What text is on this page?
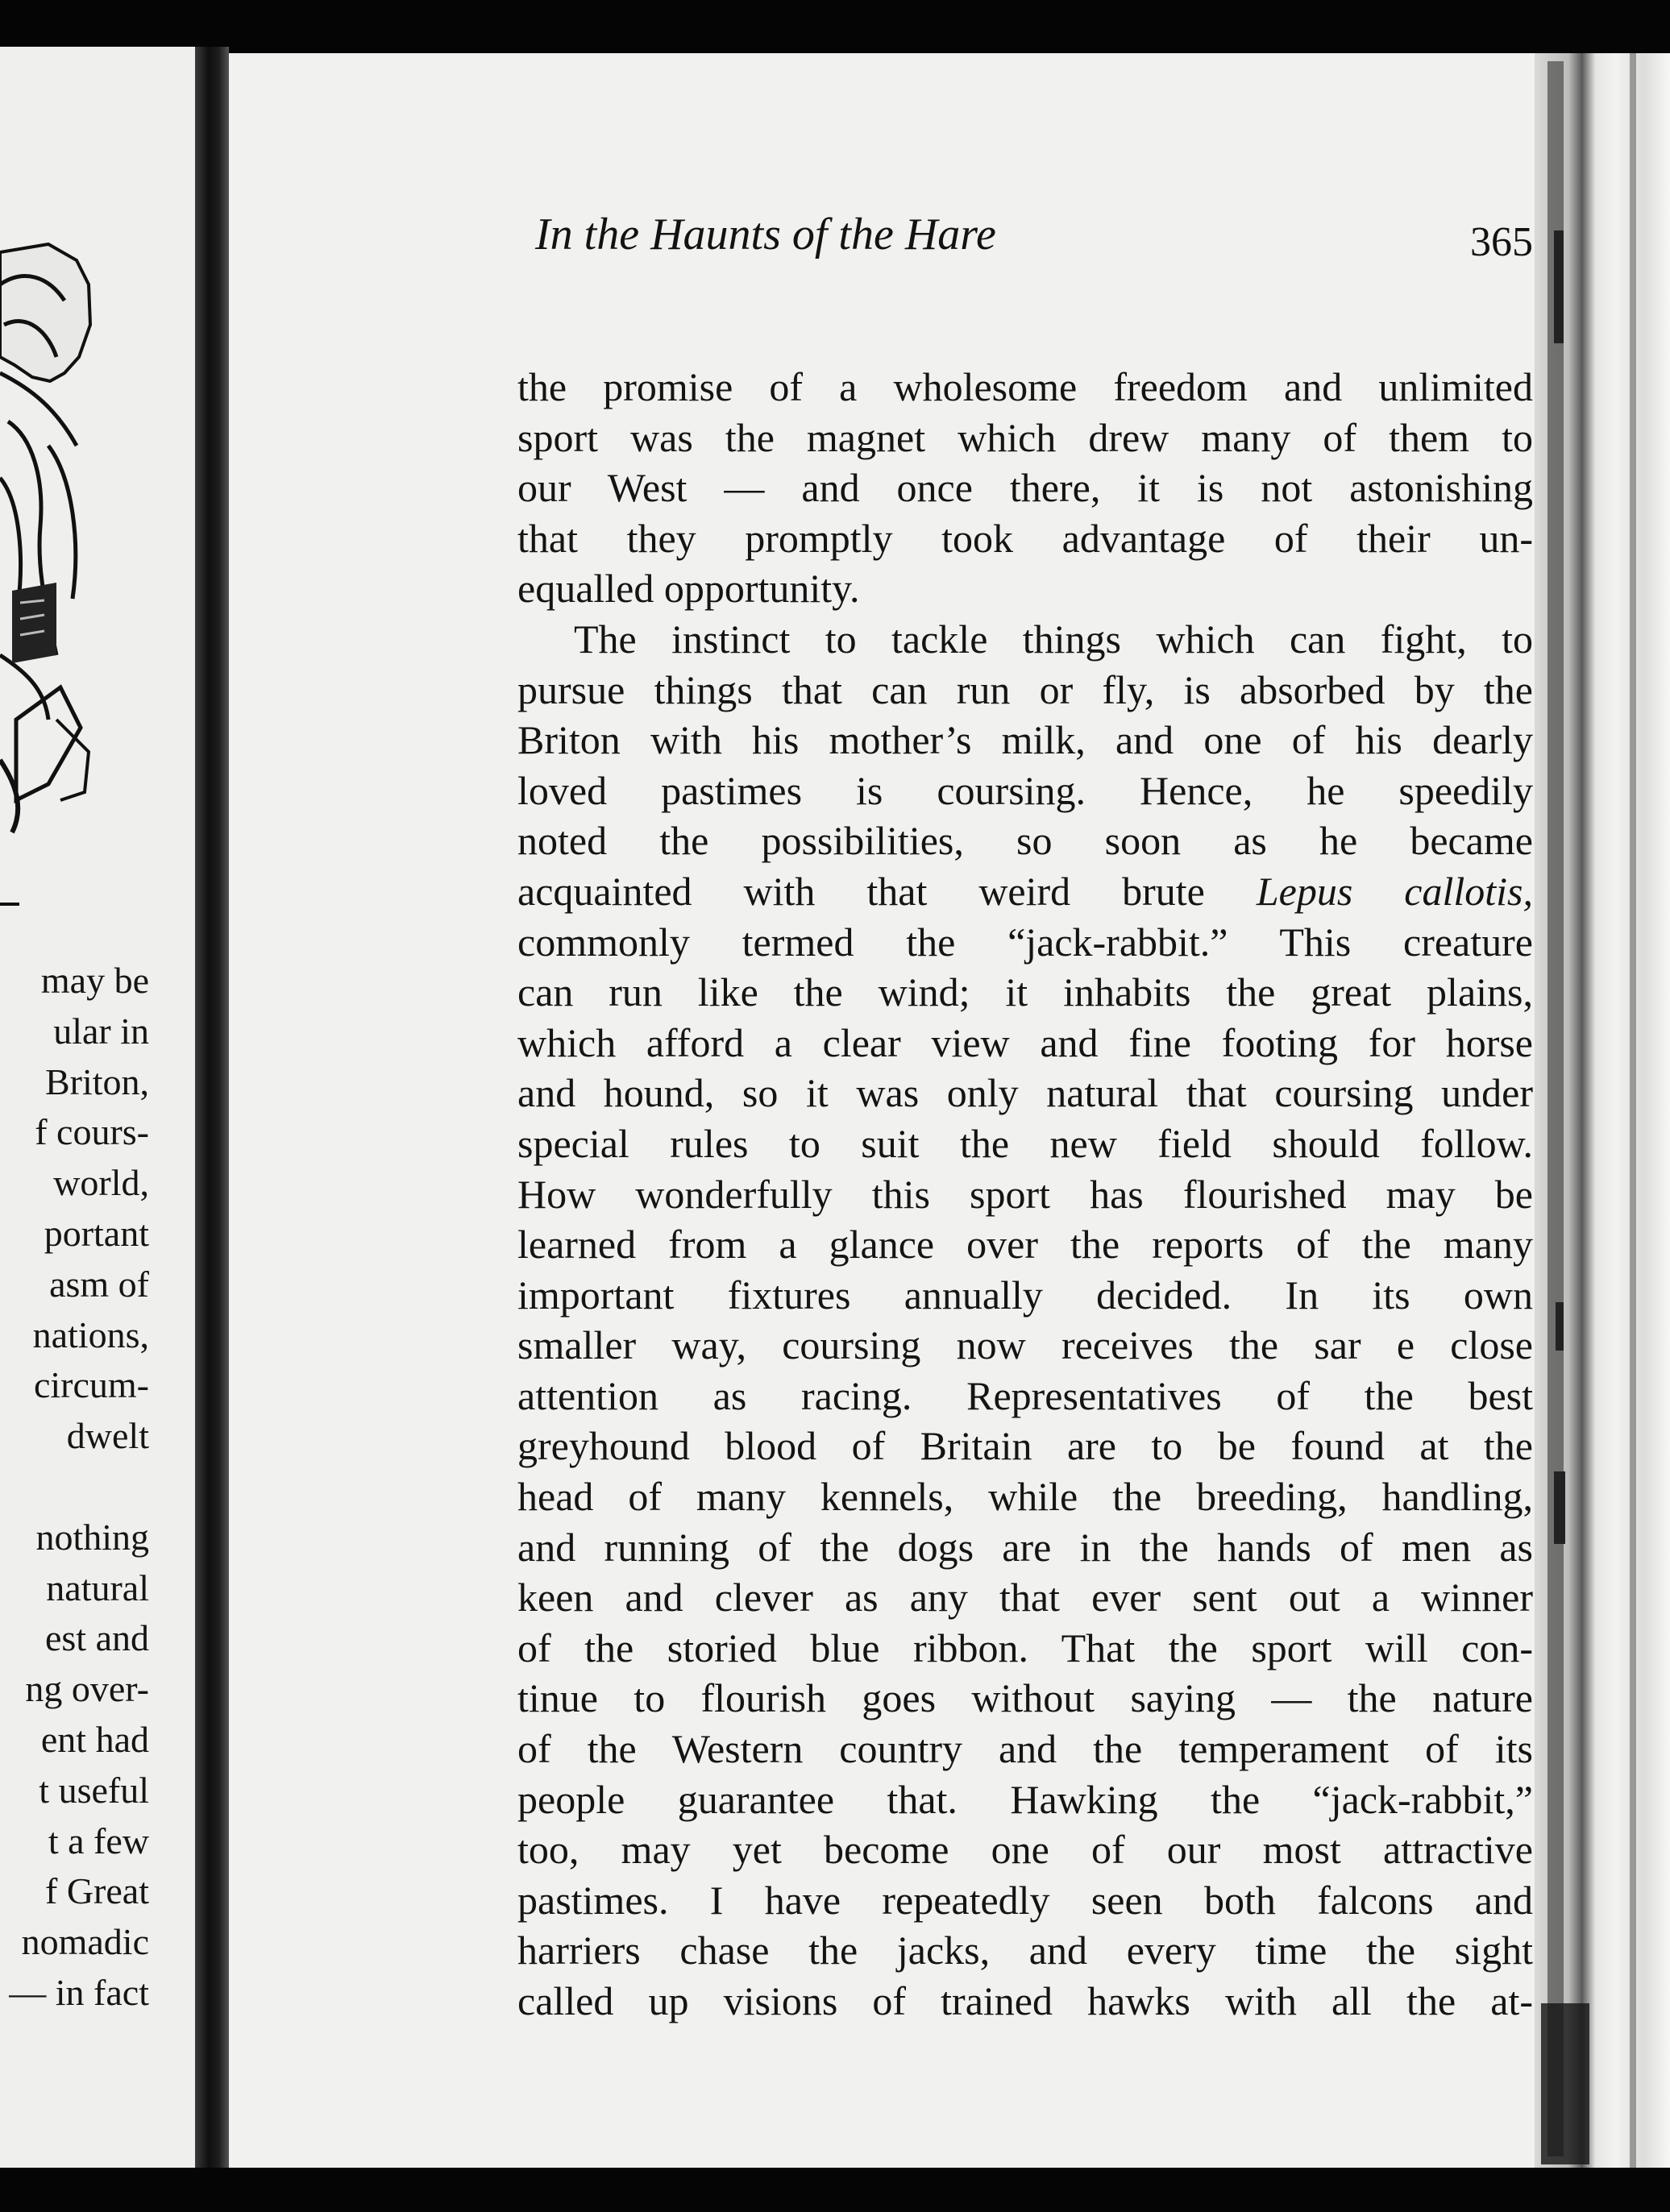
may be
ular in
Briton,
f cours-
world,
portant
asm of
nations,
circum-
dwelt
nothing
natural
est and
ng over-
ent had
t useful
t a few
f Great
nomadic
— in fact
In the Haunts of the Hare	365
the promise of a wholesome freedom and unlimited
sport was the magnet which drew many of them to
our West — and once there, it is not astonishing
that they promptly took advantage of their un-
equalled opportunity.
The instinct to tackle things which can fight, to
pursue things that can run or fly, is absorbed by the
Briton with his mother’s milk, and one of his dearly
loved pastimes is coursing. Hence, he speedily
noted the possibilities, so soon as he became
acquainted with that weird brute Lepus callotis,
commonly termed the “jack-rabbit.” This creature
can run like the wind; it inhabits the great plains,
which afford a clear view and fine footing for horse
and hound, so it was only natural that coursing under
special rules to suit the new field should follow.
How wonderfully this sport has flourished may be
learned from a glance over the reports of the many
important fixtures annually decided. In its own
smaller way, coursing now receives the sar e close
attention as racing. Representatives of the best
greyhound blood of Britain are to be found at the
head of many kennels, while the breeding, handling,
and running of the dogs are in the hands of men as
keen and clever as any that ever sent out a winner
of the storied blue ribbon. That the sport will con-
tinue to flourish goes without saying — the nature
of the Western country and the temperament of its
people guarantee that. Hawking the “jack-rabbit,”
too, may yet become one of our most attractive
pastimes. I have repeatedly seen both falcons and
harriers chase the jacks, and every time the sight
called up visions of trained hawks with all the at-
